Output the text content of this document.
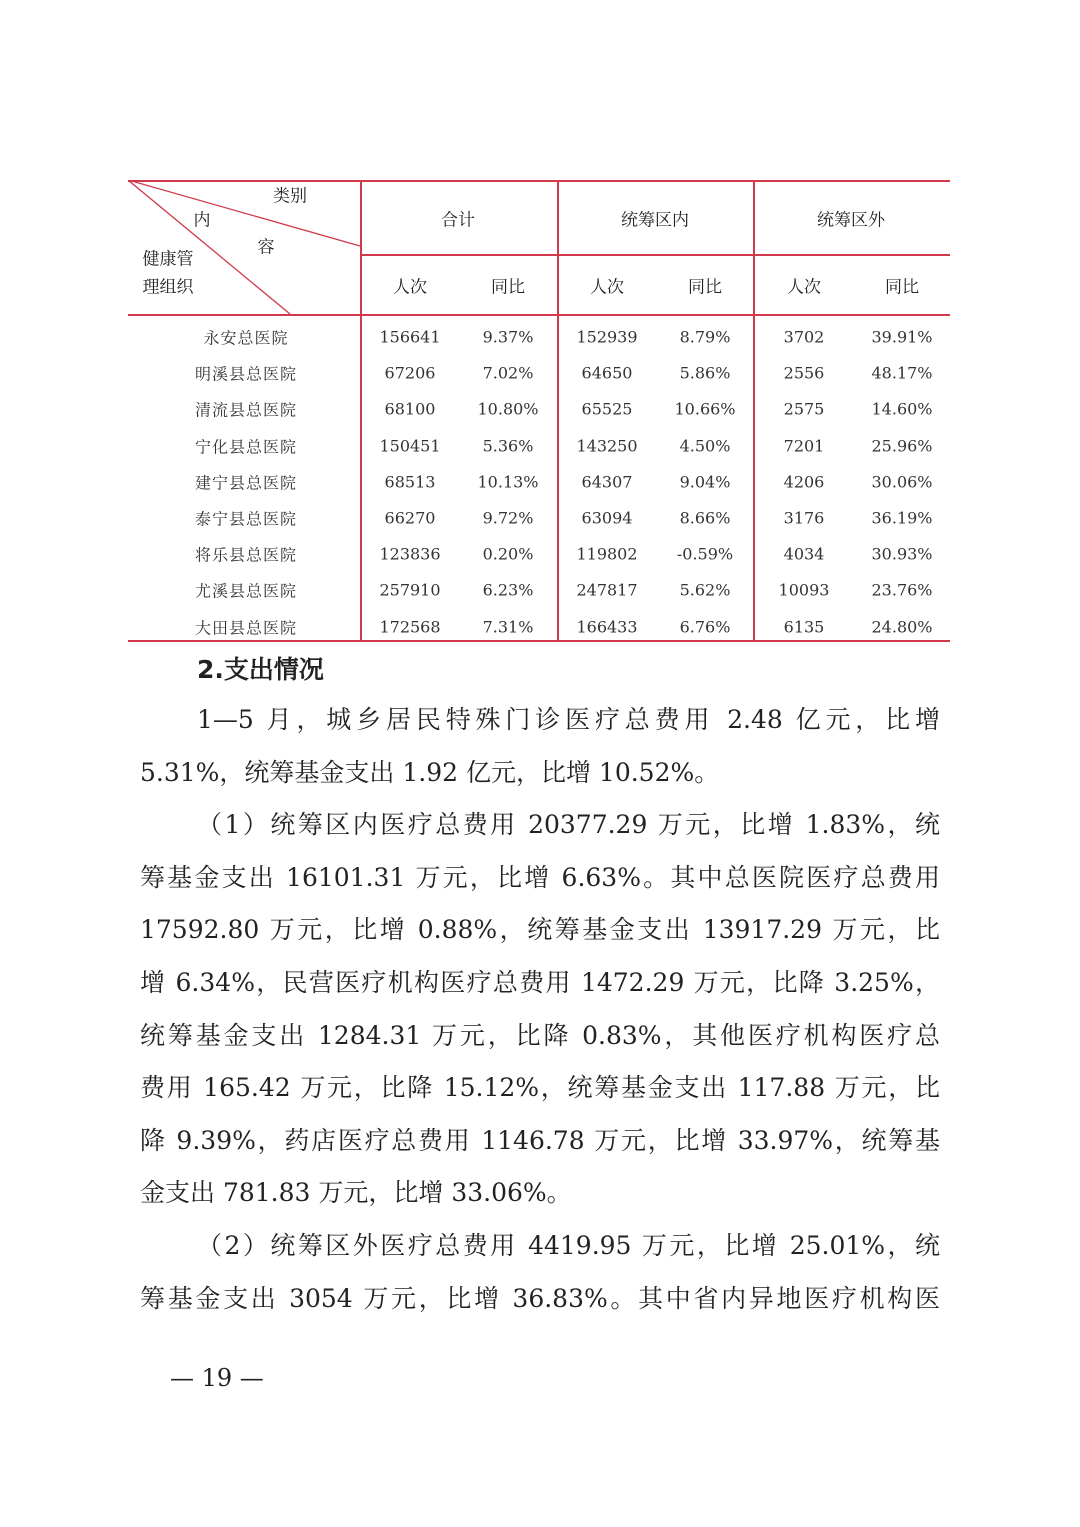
类别
内
容
健康管
理组织
合计	统筹区内	统筹区外
人次	同比	人次	同比	人次	同比
永安总医院	156641	9.37%	152939	8.79%	3702	39.91%
明溪县总医院	67206	7.02%	64650	5.86%	2556	48.17%
清流县总医院	68100	10.80%	65525	10.66%	2575	14.60%
宁化县总医院	150451	5.36%	143250	4.50%	7201	25.96%
建宁县总医院	68513	10.13%	64307	9.04%	4206	30.06%
泰宁县总医院	66270	9.72%	63094	8.66%	3176	36.19%
将乐县总医院	123836	0.20%	119802 -0.59%	4034	30.93%
尤溪县总医院	257910	6.23%	247817	5.62%	10093	23.76%
大田县总医院	172568	7.31%	166433	6.76%	6135	24.80%
2.支出情况
1—5 月，城乡居民特殊门诊医疗总费用 2.48 亿元，比增
5.31%，统筹基金支出 1.92 亿元，比增 10.52%。
（1）统筹区内医疗总费用 20377.29 万元，比增 1.83%，统
筹基金支出 16101.31 万元，比增 6.63%。其中总医院医疗总费用
17592.80 万元，比增 0.88%，统筹基金支出 13917.29 万元，比
增 6.34%，民营医疗机构医疗总费用 1472.29 万元，比降 3.25%，
统筹基金支出 1284.31 万元，比降 0.83%，其他医疗机构医疗总
费用 165.42 万元，比降 15.12%，统筹基金支出 117.88 万元，比
降 9.39%，药店医疗总费用 1146.78 万元，比增 33.97%，统筹基
金支出 781.83 万元，比增 33.06%。
（2）统筹区外医疗总费用 4419.95 万元，比增 25.01%，统
筹基金支出 3054 万元，比增 36.83%。其中省内异地医疗机构医
— 19 —
